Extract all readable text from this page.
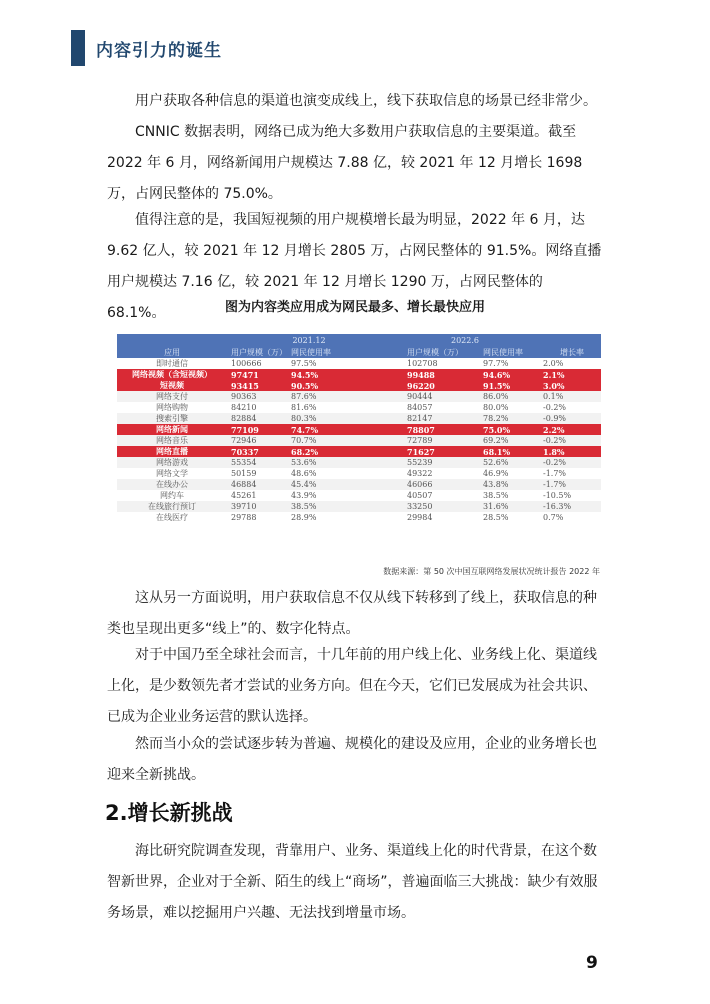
内容引力的诞生

用户获取各种信息的渠道也演变成线上，线下获取信息的场景已经非常少。

CNNIC 数据表明，网络已成为绝大多数用户获取信息的主要渠道。截至 2022 年 6 月，网络新闻用户规模达 7.88 亿，较 2021 年 12 月增长 1698 万，占网民整体的 75.0%。

值得注意的是，我国短视频的用户规模增长最为明显，2022 年 6 月，达 9.62 亿人，较 2021 年 12 月增长 2805 万，占网民整体的 91.5%。网络直播用户规模达 7.16 亿，较 2021 年 12 月增长 1290 万，占网民整体的 68.1%。	图为内容类应用成为网民最多、增长最快应用
	2021.12		2022.6		
应用	用户规模（万）	网民使用率	用户规模（万）	网民使用率	增长率
即时通信	100666	97.5%	102708	97.7%	2.0%
网络视频（含短视频）	97471	94.5%	99488	94.6%	2.1%
短视频	93415	90.5%	96220	91.5%	3.0%
网络支付	90363	87.6%	90444	86.0%	0.1%
网络购物	84210	81.6%	84057	80.0%	-0.2%
搜索引擎	82884	80.3%	82147	78.2%	-0.9%
网络新闻	77109	74.7%	78807	75.0%	2.2%
网络音乐	72946	70.7%	72789	69.2%	-0.2%
网络直播	70337	68.2%	71627	68.1%	1.8%
网络游戏	55354	53.6%	55239	52.6%	-0.2%
网络文学	50159	48.6%	49322	46.9%	-1.7%
在线办公	46884	45.4%	46066	43.8%	-1.7%
网约车	45261	43.9%	40507	38.5%	-10.5%
在线旅行预订	39710	38.5%	33250	31.6%	-16.3%
在线医疗	29788	28.9%	29984	28.5%	0.7%
数据来源：第 50 次中国互联网络发展状况统计报告 2022 年

这从另一方面说明，用户获取信息不仅从线下转移到了线上，获取信息的种类也呈现出更多“线上”的、数字化特点。

对于中国乃至全球社会而言，十几年前的用户线上化、业务线上化、渠道线上化，是少数领先者才尝试的业务方向。但在今天，它们已发展成为社会共识、已成为企业业务运营的默认选择。

然而当小众的尝试逐步转为普遍、规模化的建设及应用，企业的业务增长也迎来全新挑战。

2.增长新挑战

海比研究院调查发现，背靠用户、业务、渠道线上化的时代背景，在这个数智新世界，企业对于全新、陌生的线上“商场”，普遍面临三大挑战：缺少有效服务场景，难以挖掘用户兴趣、无法找到增量市场。

9
